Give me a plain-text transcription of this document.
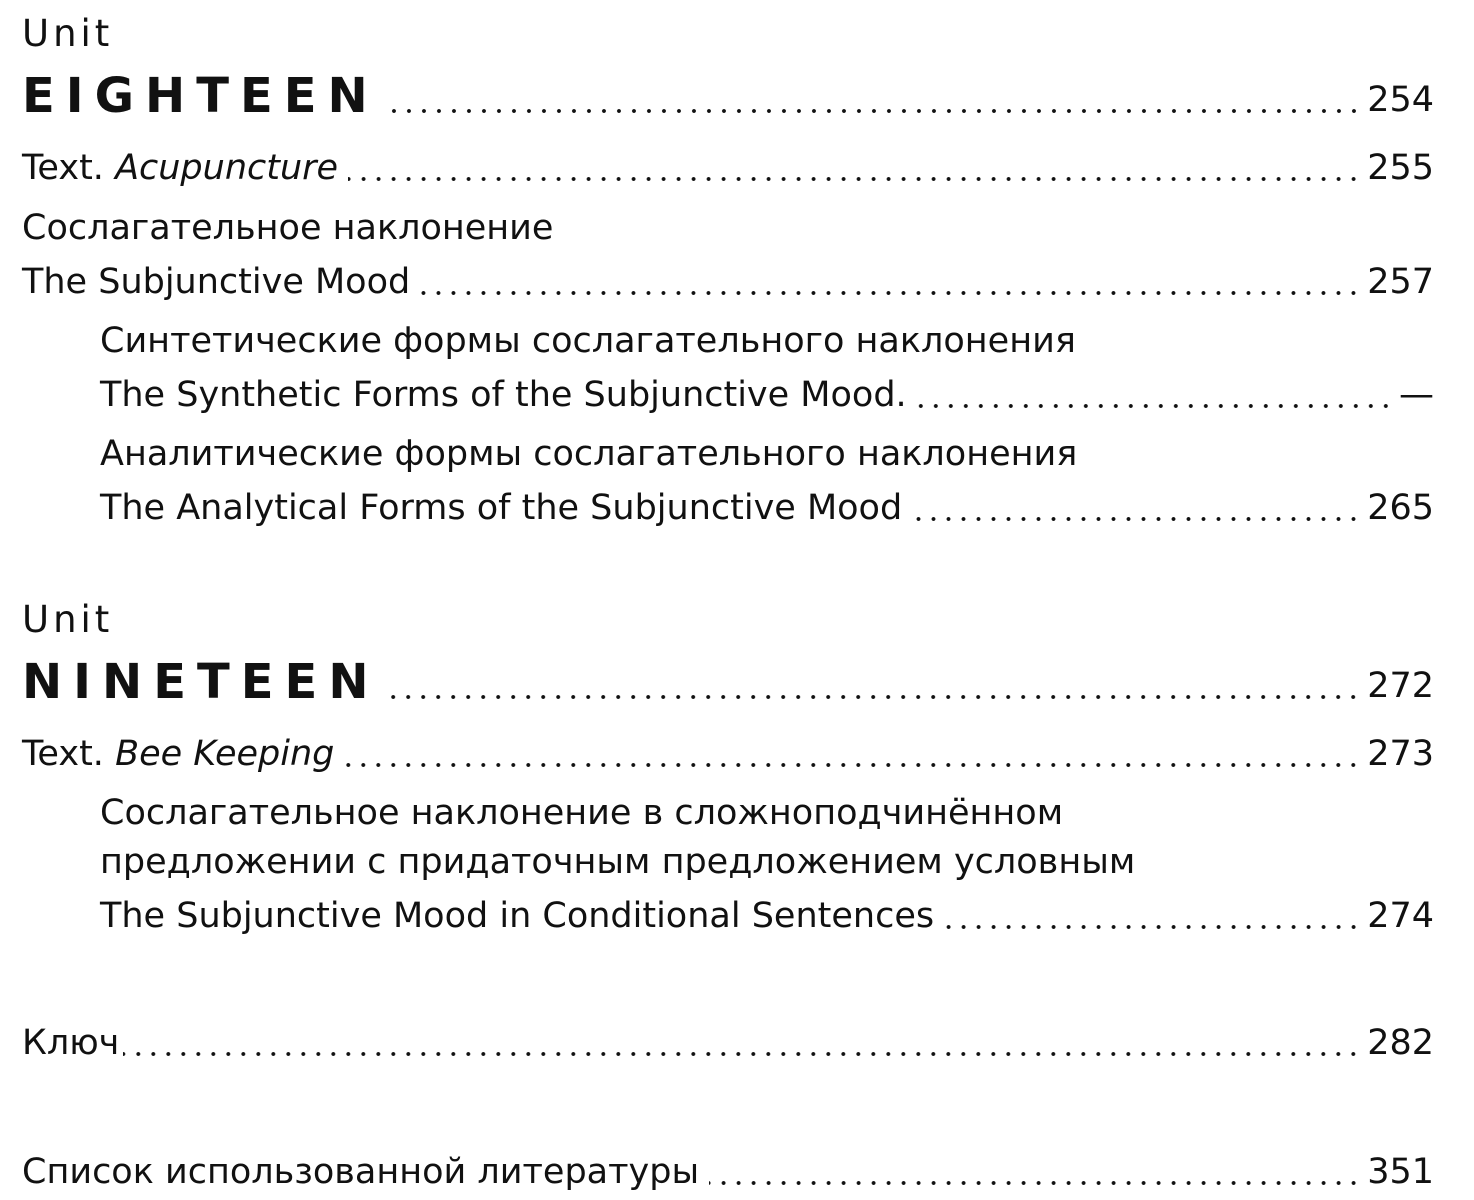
Unit
EIGHTEEN	254
Text. Acupuncture	255
Сослагательное наклонение
The Subjunctive Mood	257
Синтетические формы сослагательного наклонения
The Synthetic Forms of the Subjunctive Mood.	—
Аналитические формы сослагательного наклонения
The Analytical Forms of the Subjunctive Mood	265
Unit
NINETEEN	272
Text. Bee Keeping	273
Сослагательное наклонение в сложноподчинённом
предложении с придаточным предложением условным
The Subjunctive Mood in Conditional Sentences	274
Ключ	282
Список использованной литературы	351
